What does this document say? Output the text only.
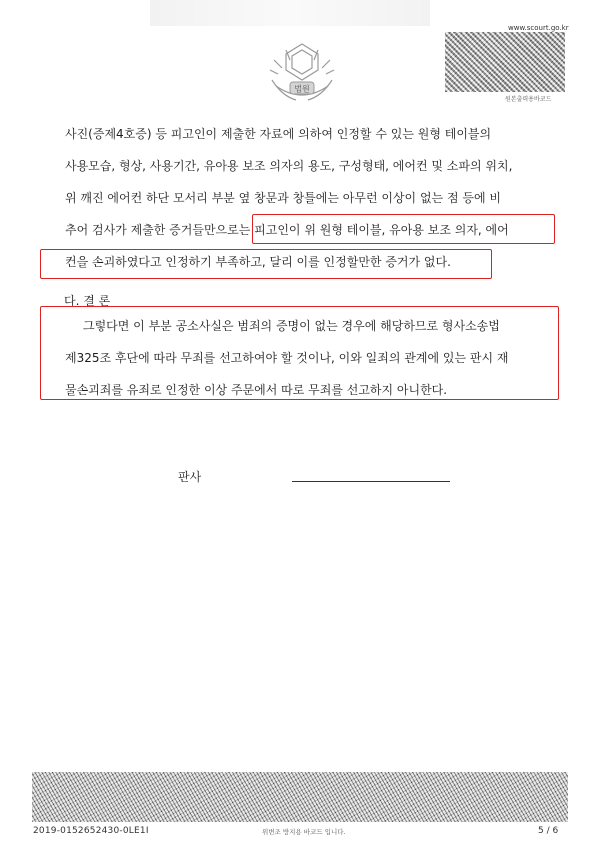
법원
www.scourt.go.kr
원본출력용바코드
사진(증제4호증) 등 피고인이 제출한 자료에 의하여 인정할 수 있는 원형 테이블의
사용모습, 형상, 사용기간, 유아용 보조 의자의 용도, 구성형태, 에어컨 및 소파의 위치,
위 깨진 에어컨 하단 모서리 부분 옆 창문과 창틀에는 아무런 이상이 없는 점 등에 비
추어 검사가 제출한 증거들만으로는 피고인이 위 원형 테이블, 유아용 보조 의자, 에어
컨을 손괴하였다고 인정하기 부족하고, 달리 이를 인정할만한 증거가 없다.
다. 결 론
그렇다면 이 부분 공소사실은 범죄의 증명이 없는 경우에 해당하므로 형사소송법
제325조 후단에 따라 무죄를 선고하여야 할 것이나, 이와 일죄의 관계에 있는 판시 재
물손괴죄를 유죄로 인정한 이상 주문에서 따로 무죄를 선고하지 아니한다.
판사
2019-0152652430-0LE1I	위변조 방지용 바코드 입니다.	5 / 6
